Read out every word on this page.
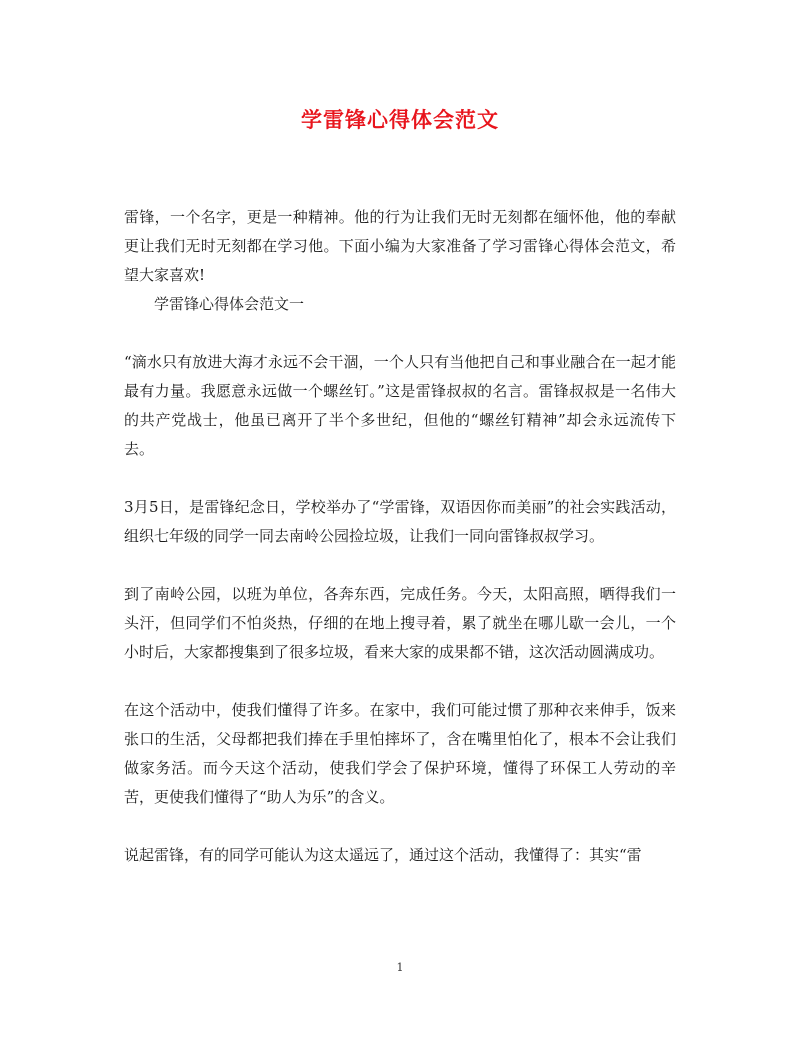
学雷锋心得体会范文

雷锋，一个名字，更是一种精神。他的行为让我们无时无刻都在缅怀他，他的奉献更让我们无时无刻都在学习他。下面小编为大家准备了学习雷锋心得体会范文，希望大家喜欢!

学雷锋心得体会范文一

“滴水只有放进大海才永远不会干涸，一个人只有当他把自己和事业融合在一起才能最有力量。我愿意永远做一个螺丝钉。”这是雷锋叔叔的名言。雷锋叔叔是一名伟大的共产党战士，他虽已离开了半个多世纪，但他的“螺丝钉精神”却会永远流传下去。

3月5日，是雷锋纪念日，学校举办了“学雷锋，双语因你而美丽”的社会实践活动，组织七年级的同学一同去南岭公园捡垃圾，让我们一同向雷锋叔叔学习。

到了南岭公园，以班为单位，各奔东西，完成任务。今天，太阳高照，晒得我们一头汗，但同学们不怕炎热，仔细的在地上搜寻着，累了就坐在哪儿歇一会儿，一个小时后，大家都搜集到了很多垃圾，看来大家的成果都不错，这次活动圆满成功。

在这个活动中，使我们懂得了许多。在家中，我们可能过惯了那种衣来伸手，饭来张口的生活，父母都把我们捧在手里怕摔坏了，含在嘴里怕化了，根本不会让我们做家务活。而今天这个活动，使我们学会了保护环境，懂得了环保工人劳动的辛苦，更使我们懂得了“助人为乐”的含义。

说起雷锋，有的同学可能认为这太遥远了，通过这个活动，我懂得了：其实“雷

1
